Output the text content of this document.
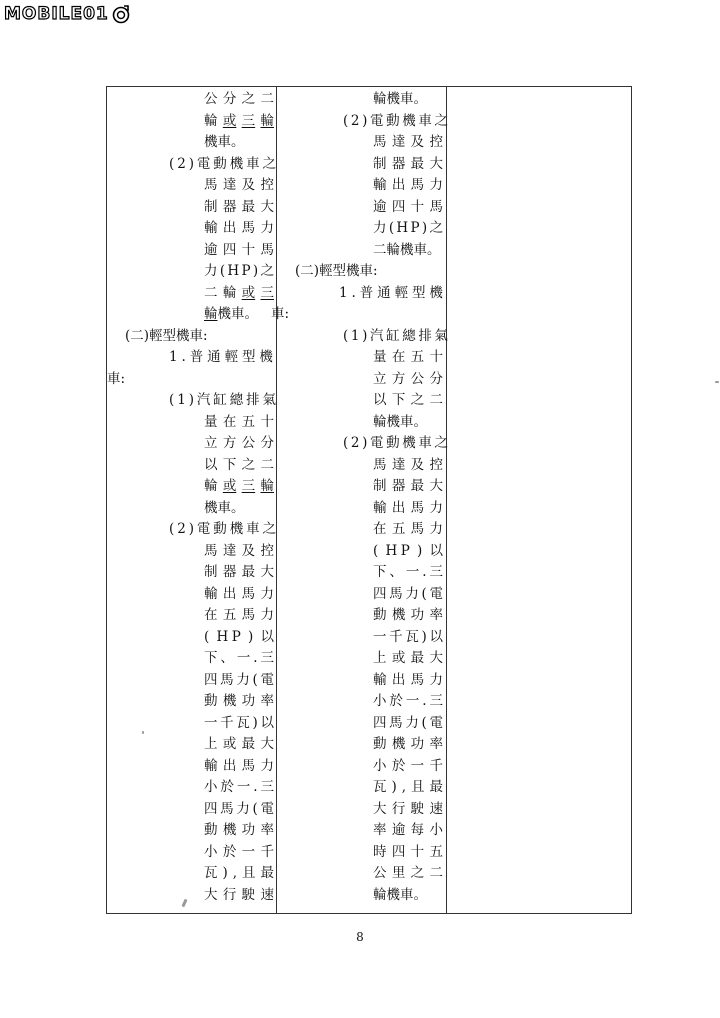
MOBILE01
公 分 之 二
輪 或 三 輪
機車。
( 2 ) 電 動 機 車 之
馬 達 及 控
制 器 最 大
輸 出 馬 力
逾 四 十 馬
力 ( H P ) 之
二 輪 或 三
輪機車。
(二)輕型機車:
1 . 普 通 輕 型 機
車:
( 1 ) 汽 缸 總 排 氣
量 在 五 十
立 方 公 分
以 下 之 二
輪 或 三 輪
機車。
( 2 ) 電 動 機 車 之
馬 達 及 控
制 器 最 大
輸 出 馬 力
在 五 馬 力
( H P ) 以
下 、 一 . 三
四 馬 力 ( 電
動 機 功 率
一 千 瓦 ) 以
上 或 最 大
輸 出 馬 力
小 於 一 . 三
四 馬 力 ( 電
動 機 功 率
小 於 一 千
瓦 ) , 且 最
大 行 駛 速
輪機車。
( 2 ) 電 動 機 車 之
馬 達 及 控
制 器 最 大
輸 出 馬 力
逾 四 十 馬
力 ( H P ) 之
二輪機車。
(二)輕型機車:
1 . 普 通 輕 型 機
車:
( 1 ) 汽 缸 總 排 氣
量 在 五 十
立 方 公 分
以 下 之 二
輪機車。
( 2 ) 電 動 機 車 之
馬 達 及 控
制 器 最 大
輸 出 馬 力
在 五 馬 力
( H P ) 以
下 、 一 . 三
四 馬 力 ( 電
動 機 功 率
一 千 瓦 ) 以
上 或 最 大
輸 出 馬 力
小 於 一 . 三
四 馬 力 ( 電
動 機 功 率
小 於 一 千
瓦 ) , 且 最
大 行 駛 速
率 逾 每 小
時 四 十 五
公 里 之 二
輪機車。
8
